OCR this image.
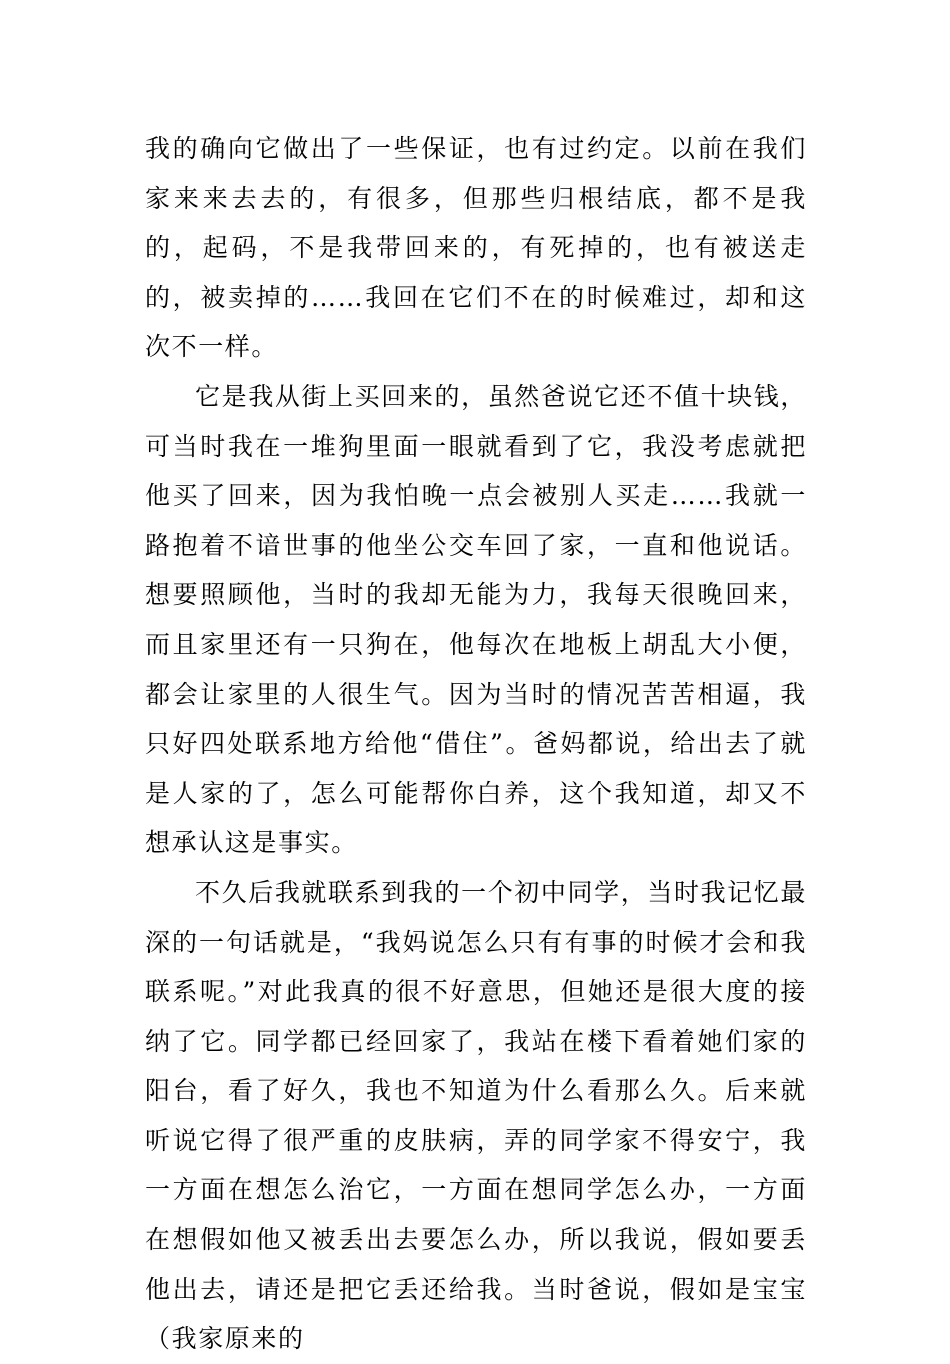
我的确向它做出了一些保证，也有过约定。以前在我们家来来去去的，有很多，但那些归根结底，都不是我的，起码，不是我带回来的，有死掉的，也有被送走的，被卖掉的……我回在它们不在的时候难过，却和这次不一样。

它是我从街上买回来的，虽然爸说它还不值十块钱，可当时我在一堆狗里面一眼就看到了它，我没考虑就把他买了回来，因为我怕晚一点会被别人买走……我就一路抱着不谙世事的他坐公交车回了家，一直和他说话。想要照顾他，当时的我却无能为力，我每天很晚回来，而且家里还有一只狗在，他每次在地板上胡乱大小便，都会让家里的人很生气。因为当时的情况苦苦相逼，我只好四处联系地方给他“借住”。爸妈都说，给出去了就是人家的了，怎么可能帮你白养，这个我知道，却又不想承认这是事实。

不久后我就联系到我的一个初中同学，当时我记忆最深的一句话就是，“我妈说怎么只有有事的时候才会和我联系呢。”对此我真的很不好意思，但她还是很大度的接纳了它。同学都已经回家了，我站在楼下看着她们家的阳台，看了好久，我也不知道为什么看那么久。后来就听说它得了很严重的皮肤病，弄的同学家不得安宁，我一方面在想怎么治它，一方面在想同学怎么办，一方面在想假如他又被丢出去要怎么办，所以我说，假如要丢他出去，请还是把它丢还给我。当时爸说，假如是宝宝（我家原来的
